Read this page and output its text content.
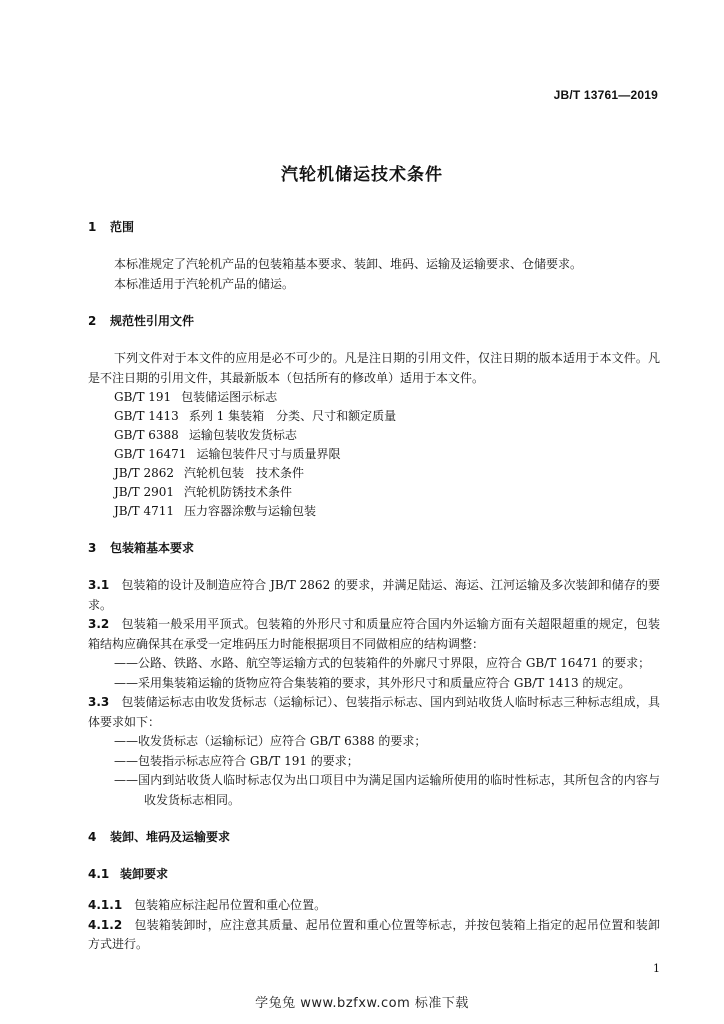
JB/T 13761—2019
汽轮机储运技术条件
1 范围
本标准规定了汽轮机产品的包装箱基本要求、装卸、堆码、运输及运输要求、仓储要求。
本标准适用于汽轮机产品的储运。
2 规范性引用文件
下列文件对于本文件的应用是必不可少的。凡是注日期的引用文件，仅注日期的版本适用于本文件。凡是不注日期的引用文件，其最新版本（包括所有的修改单）适用于本文件。
GB/T 191 包装储运图示标志
GB/T 1413 系列 1 集装箱　分类、尺寸和额定质量
GB/T 6388 运输包装收发货标志
GB/T 16471 运输包装件尺寸与质量界限
JB/T 2862 汽轮机包装　技术条件
JB/T 2901 汽轮机防锈技术条件
JB/T 4711 压力容器涂敷与运输包装
3 包装箱基本要求
3.1 包装箱的设计及制造应符合 JB/T 2862 的要求，并满足陆运、海运、江河运输及多次装卸和储存的要求。
3.2 包装箱一般采用平顶式。包装箱的外形尺寸和质量应符合国内外运输方面有关超限超重的规定，包装箱结构应确保其在承受一定堆码压力时能根据项目不同做相应的结构调整：
——公路、铁路、水路、航空等运输方式的包装箱件的外廓尺寸界限，应符合 GB/T 16471 的要求；
——采用集装箱运输的货物应符合集装箱的要求，其外形尺寸和质量应符合 GB/T 1413 的规定。
3.3 包装储运标志由收发货标志（运输标记）、包装指示标志、国内到站收货人临时标志三种标志组成，具体要求如下：
——收发货标志（运输标记）应符合 GB/T 6388 的要求；
——包装指示标志应符合 GB/T 191 的要求；
——国内到站收货人临时标志仅为出口项目中为满足国内运输所使用的临时性标志，其所包含的内容与收发货标志相同。
4 装卸、堆码及运输要求
4.1 装卸要求
4.1.1 包装箱应标注起吊位置和重心位置。
4.1.2 包装箱装卸时，应注意其质量、起吊位置和重心位置等标志，并按包装箱上指定的起吊位置和装卸方式进行。
1
学兔兔 www.bzfxw.com 标准下载
